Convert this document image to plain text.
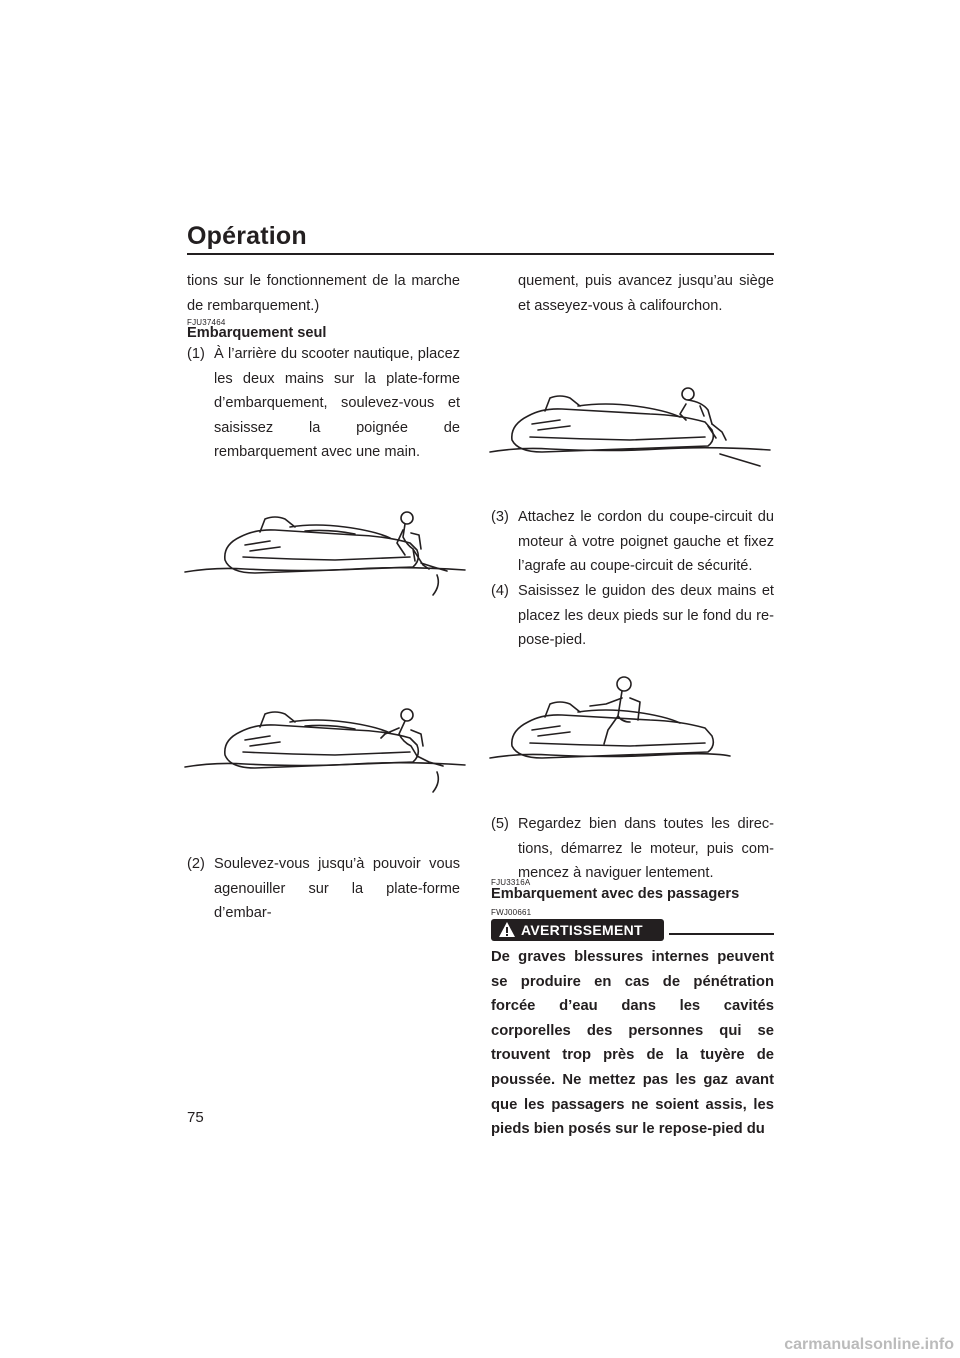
Opération
tions sur le fonctionnement de la marche de rembarquement.)
FJU37464
Embarquement seul
(1) À l’arrière du scooter nautique, placez les deux mains sur la plate-forme d’embarquement, soulevez-vous et saisissez la poignée de rembarquement avec une main.
(2) Soulevez-vous jusqu’à pouvoir vous agenouiller sur la plate-forme d’embar-
quement, puis avancez jusqu’au siège et asseyez-vous à califourchon.
(3) Attachez le cordon du coupe-circuit du moteur à votre poignet gauche et fixez l’agrafe au coupe-circuit de sécurité.
(4) Saisissez le guidon des deux mains et placez les deux pieds sur le fond du repose-pied.
(5) Regardez bien dans toutes les directions, démarrez le moteur, puis commencez à naviguer lentement.
FJU3316A
Embarquement avec des passagers
FWJ00661
AVERTISSEMENT
De graves blessures internes peuvent se produire en cas de pénétration forcée d’eau dans les cavités corporelles des personnes qui se trouvent trop près de la tuyère de poussée. Ne mettez pas les gaz avant que les passagers ne soient assis, les pieds bien posés sur le repose-pied du
75
carmanualsonline.info
